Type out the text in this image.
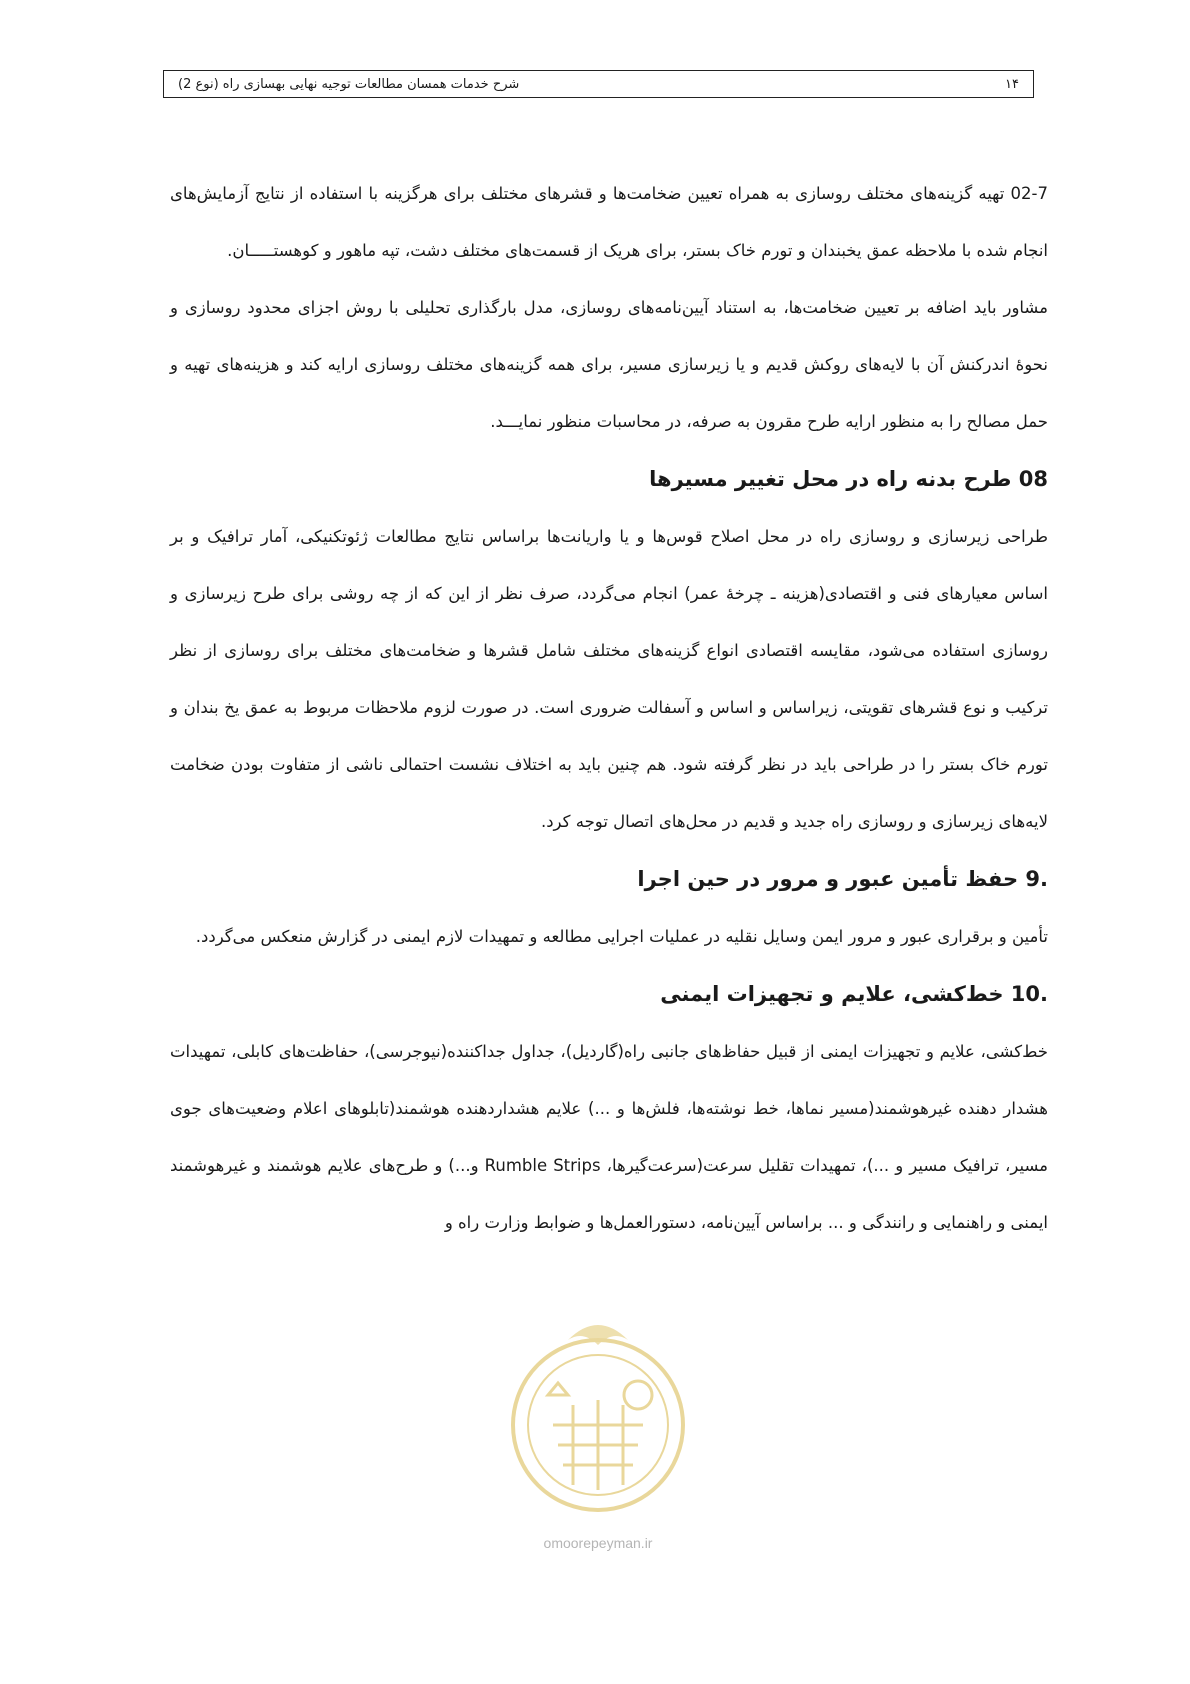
شرح خدمات همسان مطالعات توجیه نهایی بهسازی راه (نوع 2)	۱۴

02-7 تهیه گزینه‌های مختلف روسازی به همراه تعیین ضخامت‌ها و قشرهای مختلف برای هرگزینه با استفاده از نتایج آزمایش‌های انجام شده با ملاحظه عمق یخبندان و تورم خاک بستر، برای هریک از قسمت‌های مختلف دشت، تپه ماهور و کوهستـــــان.

مشاور باید اضافه بر تعیین ضخامت‌ها، به استناد آیین‌نامه‌های روسازی، مدل بارگذاری تحلیلی با روش اجزای محدود روسازی و نحوهٔ اندرکنش آن با لایه‌های روکش قدیم و یا زیرسازی مسیر، برای همه گزینه‌های مختلف روسازی ارایه کند و هزینه‌های تهیه و حمل مصالح را به منظور ارایه طرح مقرون به صرفه، در محاسبات منظور نمایـــد.

08 طرح بدنه راه در محل تغییر مسیرها

طراحی زیرسازی و روسازی راه در محل اصلاح قوس‌ها و یا واریانت‌ها براساس نتایج مطالعات ژئوتکنیکی، آمار ترافیک و بر اساس معیارهای فنی و اقتصادی(هزینه ـ چرخهٔ عمر) انجام می‌گردد، صرف نظر از این که از چه روشی برای طرح زیرسازی و روسازی استفاده می‌شود، مقایسه اقتصادی انواع گزینه‌های مختلف شامل قشرها و ضخامت‌های مختلف برای روسازی از نظر ترکیب و نوع قشرهای تقویتی، زیراساس و اساس و آسفالت ضروری است. در صورت لزوم ملاحظات مربوط به عمق یخ بندان و تورم خاک بستر را در طراحی باید در نظر گرفته شود. هم چنین باید به اختلاف نشست احتمالی ناشی از متفاوت بودن ضخامت لایه‌های زیرسازی و روسازی راه جدید و قدیم در محل‌های اتصال توجه کرد.

.9 حفظ تأمین عبور و مرور در حین اجرا

تأمین و برقراری عبور و مرور ایمن وسایل نقلیه در عملیات اجرایی مطالعه و تمهیدات لازم ایمنی در گزارش منعکس می‌گردد.

.10 خط‌کشی، علایم و تجهیزات ایمنی

خط‌کشی، علایم و تجهیزات ایمنی از قبیل حفاظ‌های جانبی راه(گاردیل)، جداول جداکننده(نیوجرسی)، حفاظت‌های کابلی، تمهیدات هشدار دهنده غیرهوشمند(مسیر نماها، خط نوشته‌ها، فلش‌ها و ...) علایم هشداردهنده هوشمند(تابلوهای اعلام وضعیت‌های جوی مسیر، ترافیک مسیر و ...)، تمهیدات تقلیل سرعت(سرعت‌گیرها، Rumble Strips و...) و طرح‌های علایم هوشمند و غیرهوشمند ایمنی و راهنمایی و رانندگی و ... براساس آیین‌نامه، دستورالعمل‌ها و ضوابط وزارت راه و

omoorepeyman.ir
